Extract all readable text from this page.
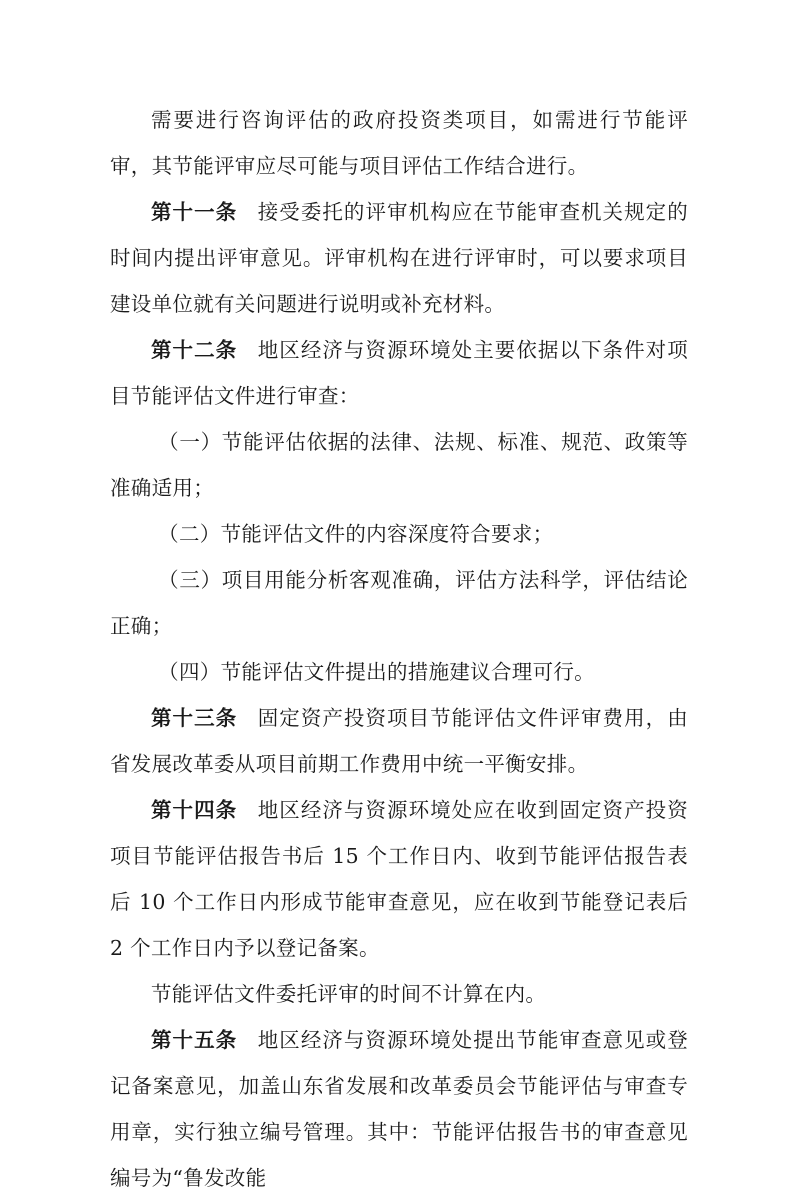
需要进行咨询评估的政府投资类项目，如需进行节能评审，其节能评审应尽可能与项目评估工作结合进行。

第十一条 接受委托的评审机构应在节能审查机关规定的时间内提出评审意见。评审机构在进行评审时，可以要求项目建设单位就有关问题进行说明或补充材料。

第十二条 地区经济与资源环境处主要依据以下条件对项目节能评估文件进行审查：

（一）节能评估依据的法律、法规、标准、规范、政策等准确适用；

（二）节能评估文件的内容深度符合要求；

（三）项目用能分析客观准确，评估方法科学，评估结论正确；

（四）节能评估文件提出的措施建议合理可行。

第十三条 固定资产投资项目节能评估文件评审费用，由省发展改革委从项目前期工作费用中统一平衡安排。

第十四条 地区经济与资源环境处应在收到固定资产投资项目节能评估报告书后 15 个工作日内、收到节能评估报告表后 10 个工作日内形成节能审查意见，应在收到节能登记表后 2 个工作日内予以登记备案。

节能评估文件委托评审的时间不计算在内。

第十五条 地区经济与资源环境处提出节能审查意见或登记备案意见，加盖山东省发展和改革委员会节能评估与审查专用章，实行独立编号管理。其中：节能评估报告书的审查意见编号为“鲁发改能
